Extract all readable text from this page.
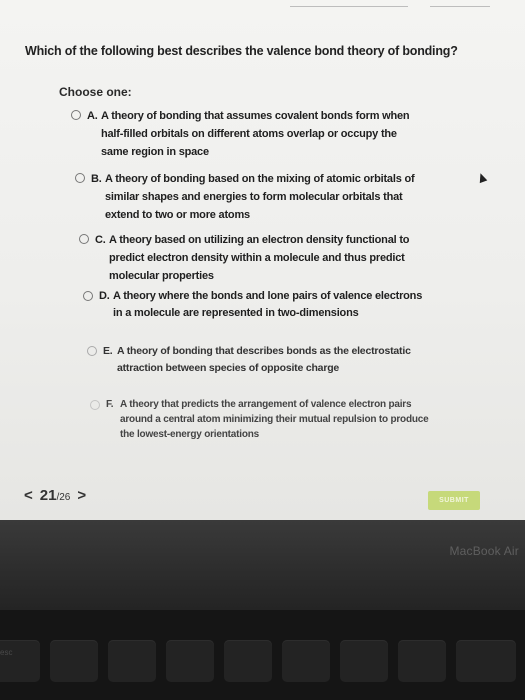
Which of the following best describes the valence bond theory of bonding?
Choose one:
A. A theory of bonding that assumes covalent bonds form when half-filled orbitals on different atoms overlap or occupy the same region in space
B. A theory of bonding based on the mixing of atomic orbitals of similar shapes and energies to form molecular orbitals that extend to two or more atoms
C. A theory based on utilizing an electron density functional to predict electron density within a molecule and thus predict molecular properties
D. A theory where the bonds and lone pairs of valence electrons in a molecule are represented in two-dimensions
E. A theory of bonding that describes bonds as the electrostatic attraction between species of opposite charge
F. A theory that predicts the arrangement of valence electron pairs around a central atom minimizing their mutual repulsion to produce the lowest-energy orientations
< 21 /26 >	SUBMIT
MacBook Air
esc
